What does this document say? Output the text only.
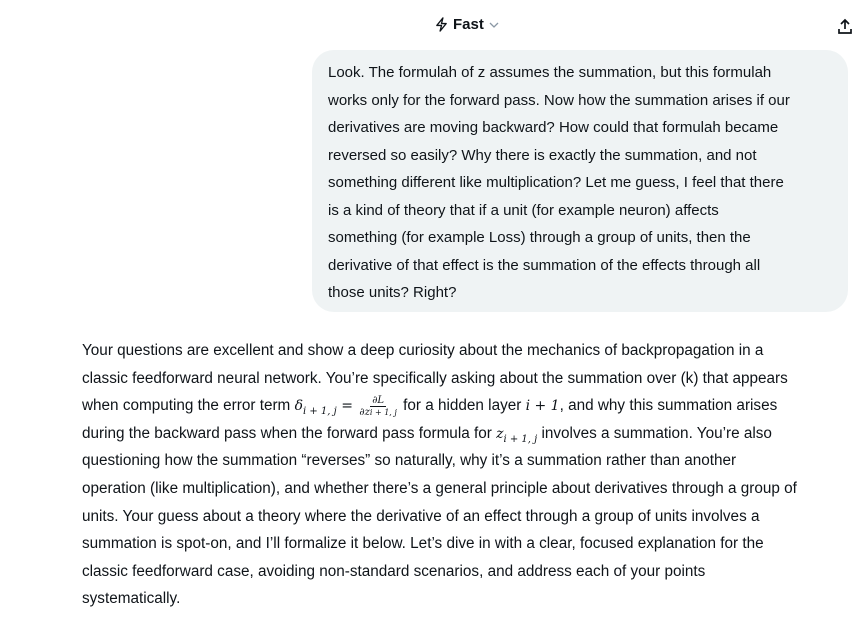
Fast
Look. The formulah of z assumes the summation, but this formulah
works only for the forward pass. Now how the summation arises if our
derivatives are moving backward? How could that formulah became
reversed so easily? Why there is exactly the summation, and not
something different like multiplication? Let me guess, I feel that there
is a kind of theory that if a unit (for example neuron) affects
something (for example Loss) through a group of units, then the
derivative of that effect is the summation of the effects through all
those units? Right?
Your questions are excellent and show a deep curiosity about the mechanics of backpropagation in a
classic feedforward neural network. You’re specifically asking about the summation over (k) that appears
when computing the error term $\delta_{i + 1, j} = \frac{\partial L}{\partial zi + 1, j}$ for a hidden layer i + 1, and why this summation arises
during the backward pass when the forward pass formula for $z_{i + 1, j}$ involves a summation. You’re also
questioning how the summation “reverses” so naturally, why it’s a summation rather than another
operation (like multiplication), and whether there’s a general principle about derivatives through a group of
units. Your guess about a theory where the derivative of an effect through a group of units involves a
summation is spot-on, and I’ll formalize it below. Let’s dive in with a clear, focused explanation for the
classic feedforward case, avoiding non-standard scenarios, and address each of your points
systematically.
